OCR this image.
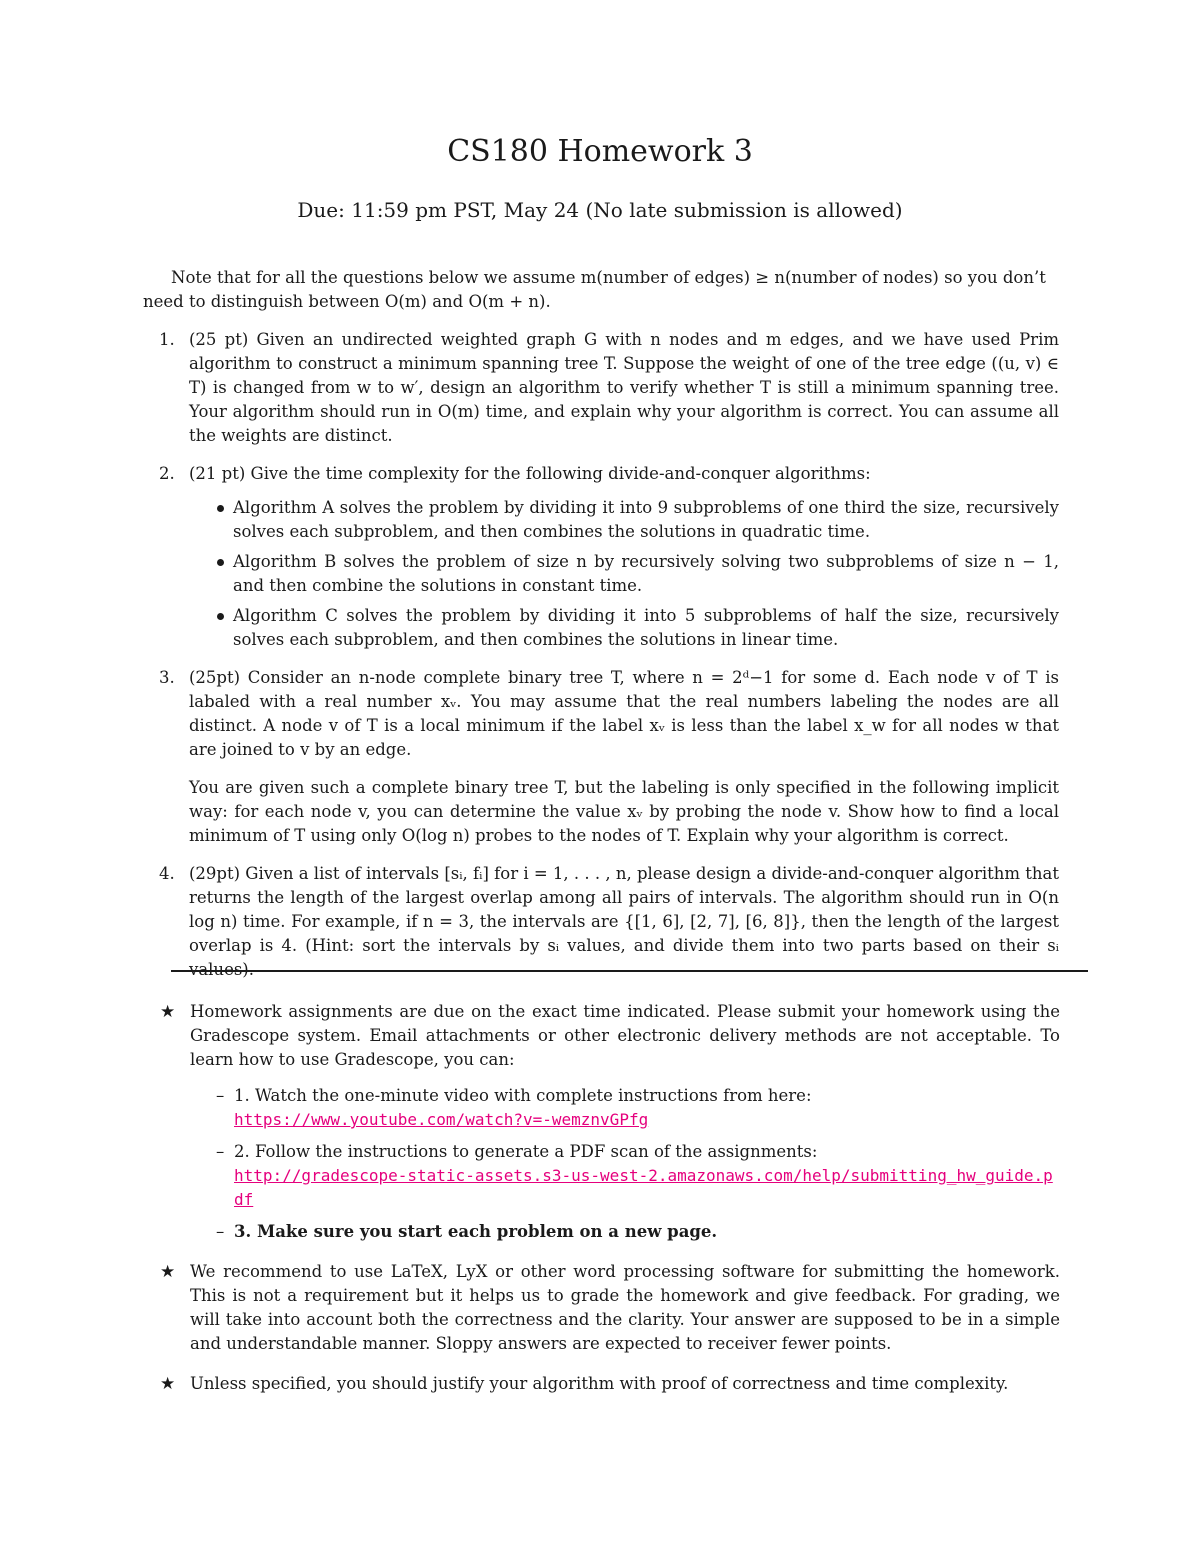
CS180 Homework 3
Due: 11:59 pm PST, May 24 (No late submission is allowed)

Note that for all the questions below we assume m(number of edges) ≥ n(number of nodes) so you don’t need to distinguish between O(m) and O(m + n).

1. (25 pt) Given an undirected weighted graph G with n nodes and m edges, and we have used Prim algorithm to construct a minimum spanning tree T. Suppose the weight of one of the tree edge ((u, v) ∈ T) is changed from w to w′, design an algorithm to verify whether T is still a minimum spanning tree. Your algorithm should run in O(m) time, and explain why your algorithm is correct. You can assume all the weights are distinct.

2. (21 pt) Give the time complexity for the following divide-and-conquer algorithms:

Algorithm A solves the problem by dividing it into 9 subproblems of one third the size, recursively solves each subproblem, and then combines the solutions in quadratic time.
Algorithm B solves the problem of size n by recursively solving two subproblems of size n − 1, and then combine the solutions in constant time.
Algorithm C solves the problem by dividing it into 5 subproblems of half the size, recursively solves each subproblem, and then combines the solutions in linear time.
3. (25pt) Consider an n-node complete binary tree T, where n = 2ᵈ−1 for some d. Each node v of T is labaled with a real number xᵥ. You may assume that the real numbers labeling the nodes are all distinct. A node v of T is a local minimum if the label xᵥ is less than the label x_w for all nodes w that are joined to v by an edge.

You are given such a complete binary tree T, but the labeling is only specified in the following implicit way: for each node v, you can determine the value xᵥ by probing the node v. Show how to find a local minimum of T using only O(log n) probes to the nodes of T. Explain why your algorithm is correct.

4. (29pt) Given a list of intervals [sᵢ, fᵢ] for i = 1, . . . , n, please design a divide-and-conquer algorithm that returns the length of the largest overlap among all pairs of intervals. The algorithm should run in O(n log n) time. For example, if n = 3, the intervals are {[1, 6], [2, 7], [6, 8]}, then the length of the largest overlap is 4. (Hint: sort the intervals by sᵢ values, and divide them into two parts based on their sᵢ values).

★ Homework assignments are due on the exact time indicated. Please submit your homework using the Gradescope system. Email attachments or other electronic delivery methods are not acceptable. To learn how to use Gradescope, you can:
– 1. Watch the one-minute video with complete instructions from here:
https://www.youtube.com/watch?v=-wemznvGPfg
– 2. Follow the instructions to generate a PDF scan of the assignments:
http://gradescope-static-assets.s3-us-west-2.amazonaws.com/help/submitting_hw_guide.pdf
– 3. Make sure you start each problem on a new page.
★ We recommend to use LaTeX, LyX or other word processing software for submitting the homework. This is not a requirement but it helps us to grade the homework and give feedback. For grading, we will take into account both the correctness and the clarity. Your answer are supposed to be in a simple and understandable manner. Sloppy answers are expected to receiver fewer points.
★ Unless specified, you should justify your algorithm with proof of correctness and time complexity.
